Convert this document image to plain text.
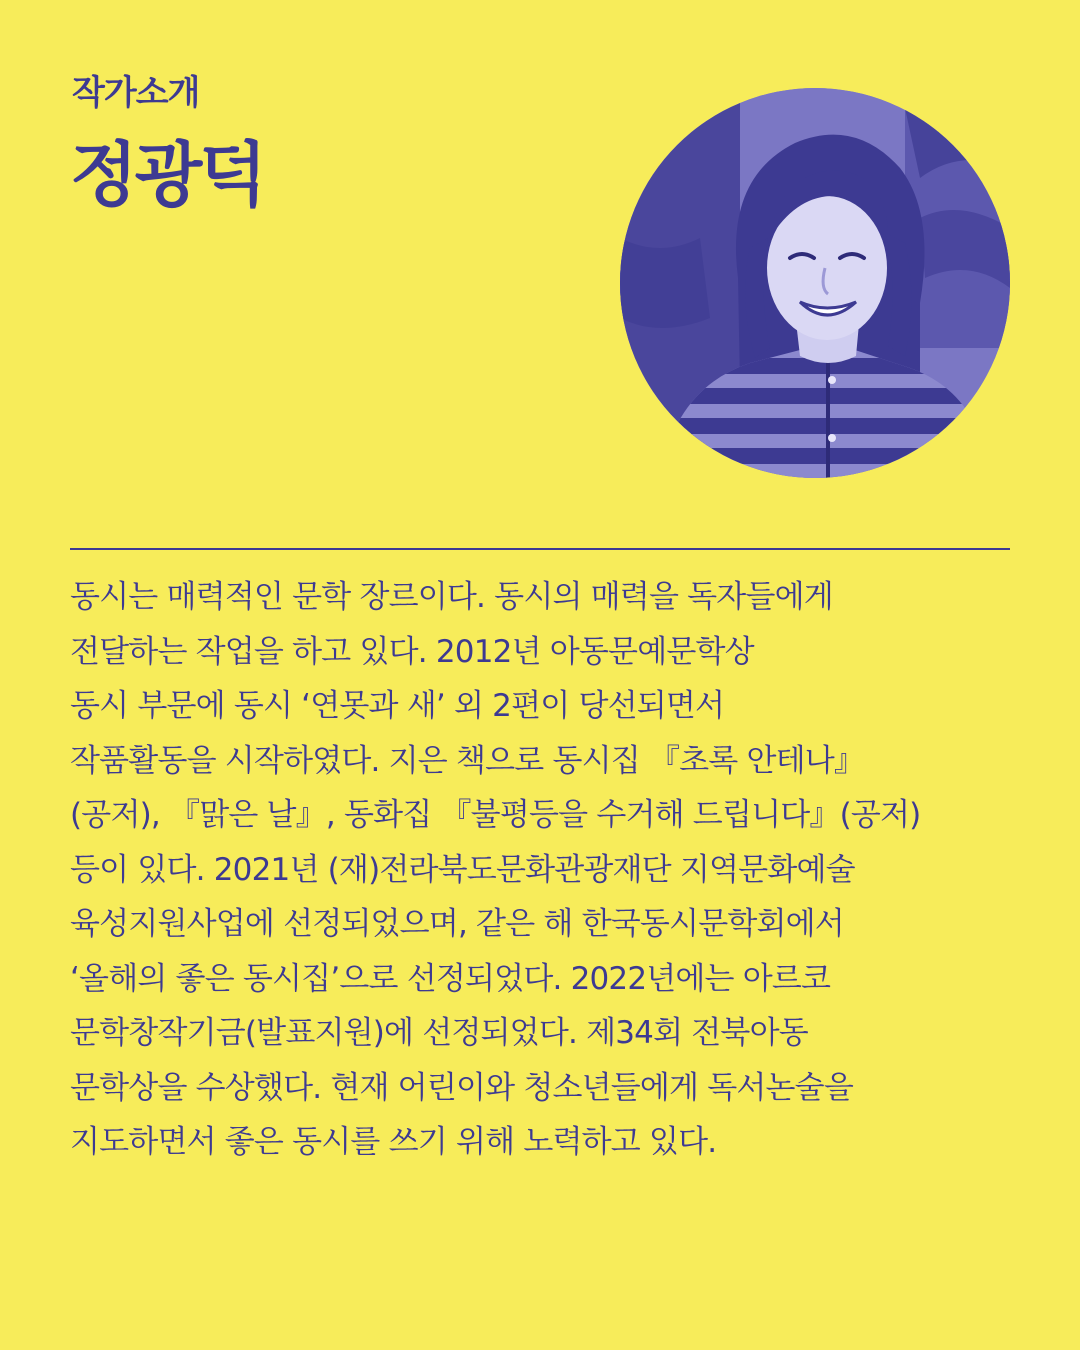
작가소개
정광덕
동시는 매력적인 문학 장르이다. 동시의 매력을 독자들에게
전달하는 작업을 하고 있다. 2012년 아동문예문학상
동시 부문에 동시 ‘연못과 새’ 외 2편이 당선되면서
작품활동을 시작하였다. 지은 책으로 동시집 『초록 안테나』
(공저), 『맑은 날』, 동화집 『불평등을 수거해 드립니다』(공저)
등이 있다. 2021년 (재)전라북도문화관광재단 지역문화예술
육성지원사업에 선정되었으며, 같은 해 한국동시문학회에서
‘올해의 좋은 동시집’으로 선정되었다. 2022년에는 아르코
문학창작기금(발표지원)에 선정되었다. 제34회 전북아동
문학상을 수상했다. 현재 어린이와 청소년들에게 독서논술을
지도하면서 좋은 동시를 쓰기 위해 노력하고 있다.
